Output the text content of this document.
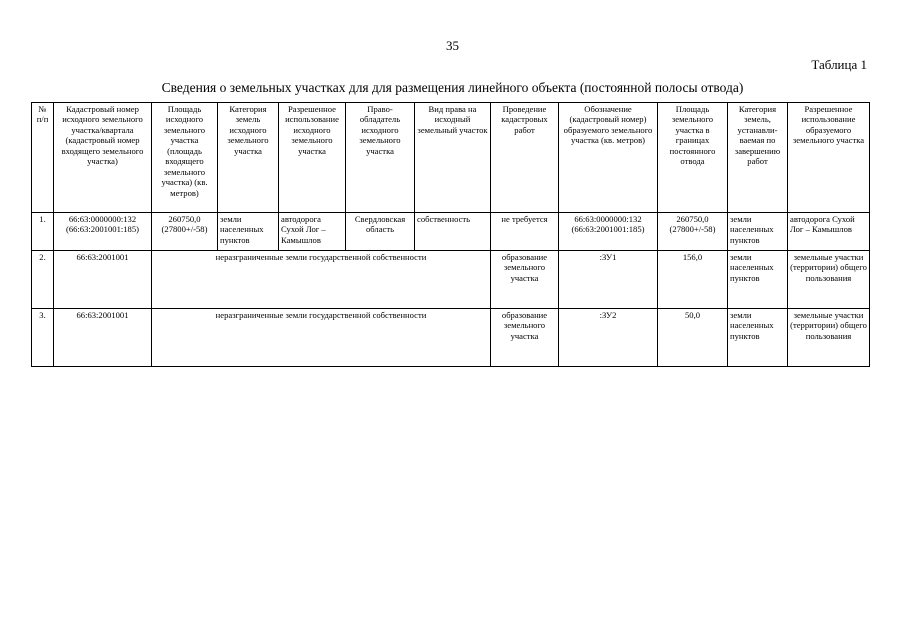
35
Таблица 1
Сведения о земельных участках для для размещения линейного объекта (постоянной полосы отвода)
№ п/п	Кадастровый номер исходного земельного участка/квартала (кадастровый номер входящего земельного участка)	Площадь исходного земельного участка (площадь входящего земельного участка) (кв. метров)	Категория земель исходного земельного участка	Разрешенное использование исходного земельного участка	Право-обладатель исходного земельного участка	Вид права на исходный земельный участок	Проведение кадастровых работ	Обозначение (кадастровый номер) образуемого земельного участка (кв. метров)	Площадь земельного участка в границах постоянного отвода	Категория земель, устанавли-ваемая по завершению работ	Разрешенное использование образуемого земельного участка
1.	66:63:0000000:132 (66:63:2001001:185)	260750,0 (27800+/-58)	земли населенных пунктов	автодорога Сухой Лог – Камышлов	Свердловская область	собственность	не требуется	66:63:0000000:132 (66:63:2001001:185)	260750,0 (27800+/-58)	земли населенных пунктов	автодорога Сухой Лог – Камышлов
2.	66:63:2001001	неразграниченные земли государственной собственности					образование земельного участка	:ЗУ1	156,0	земли населенных пунктов	земельные участки (территории) общего пользования
3.	66:63:2001001	неразграниченные земли государственной собственности					образование земельного участка	:ЗУ2	50,0	земли населенных пунктов	земельные участки (территории) общего пользования
